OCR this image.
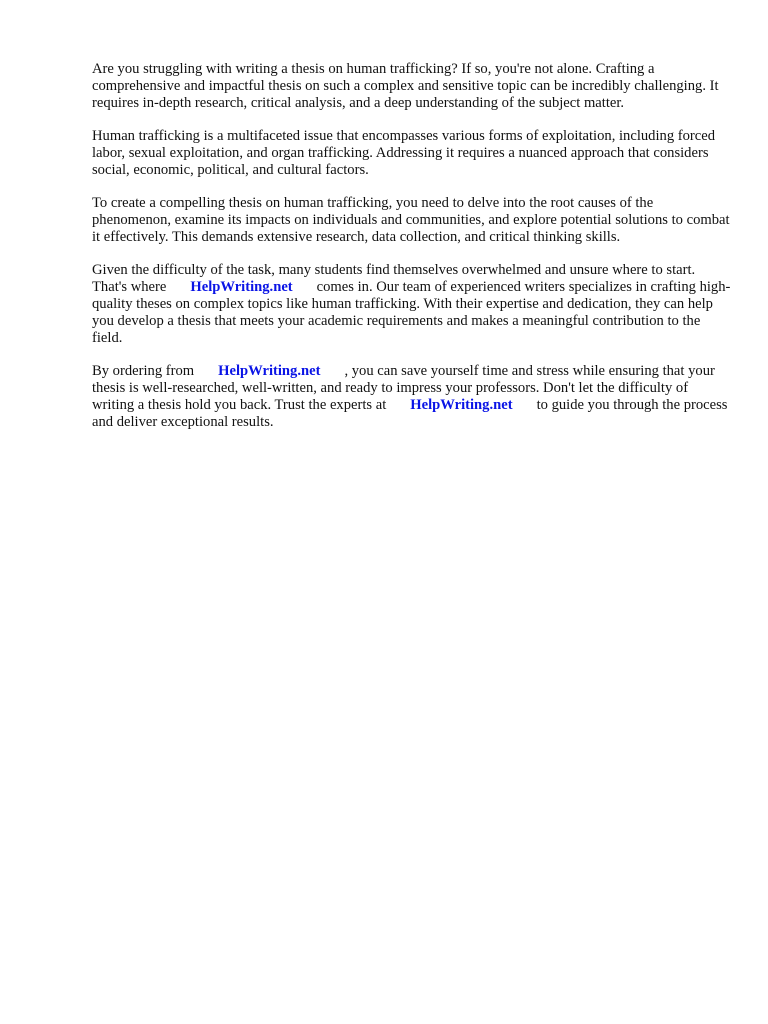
Are you struggling with writing a thesis on human trafficking? If so, you're not alone. Crafting a comprehensive and impactful thesis on such a complex and sensitive topic can be incredibly challenging. It requires in-depth research, critical analysis, and a deep understanding of the subject matter.

Human trafficking is a multifaceted issue that encompasses various forms of exploitation, including forced labor, sexual exploitation, and organ trafficking. Addressing it requires a nuanced approach that considers social, economic, political, and cultural factors.

To create a compelling thesis on human trafficking, you need to delve into the root causes of the phenomenon, examine its impacts on individuals and communities, and explore potential solutions to combat it effectively. This demands extensive research, data collection, and critical thinking skills.

Given the difficulty of the task, many students find themselves overwhelmed and unsure where to start. That's where HelpWriting.net comes in. Our team of experienced writers specializes in crafting high-quality theses on complex topics like human trafficking. With their expertise and dedication, they can help you develop a thesis that meets your academic requirements and makes a meaningful contribution to the field.

By ordering from HelpWriting.net , you can save yourself time and stress while ensuring that your thesis is well-researched, well-written, and ready to impress your professors. Don't let the difficulty of writing a thesis hold you back. Trust the experts at HelpWriting.net to guide you through the process and deliver exceptional results.
